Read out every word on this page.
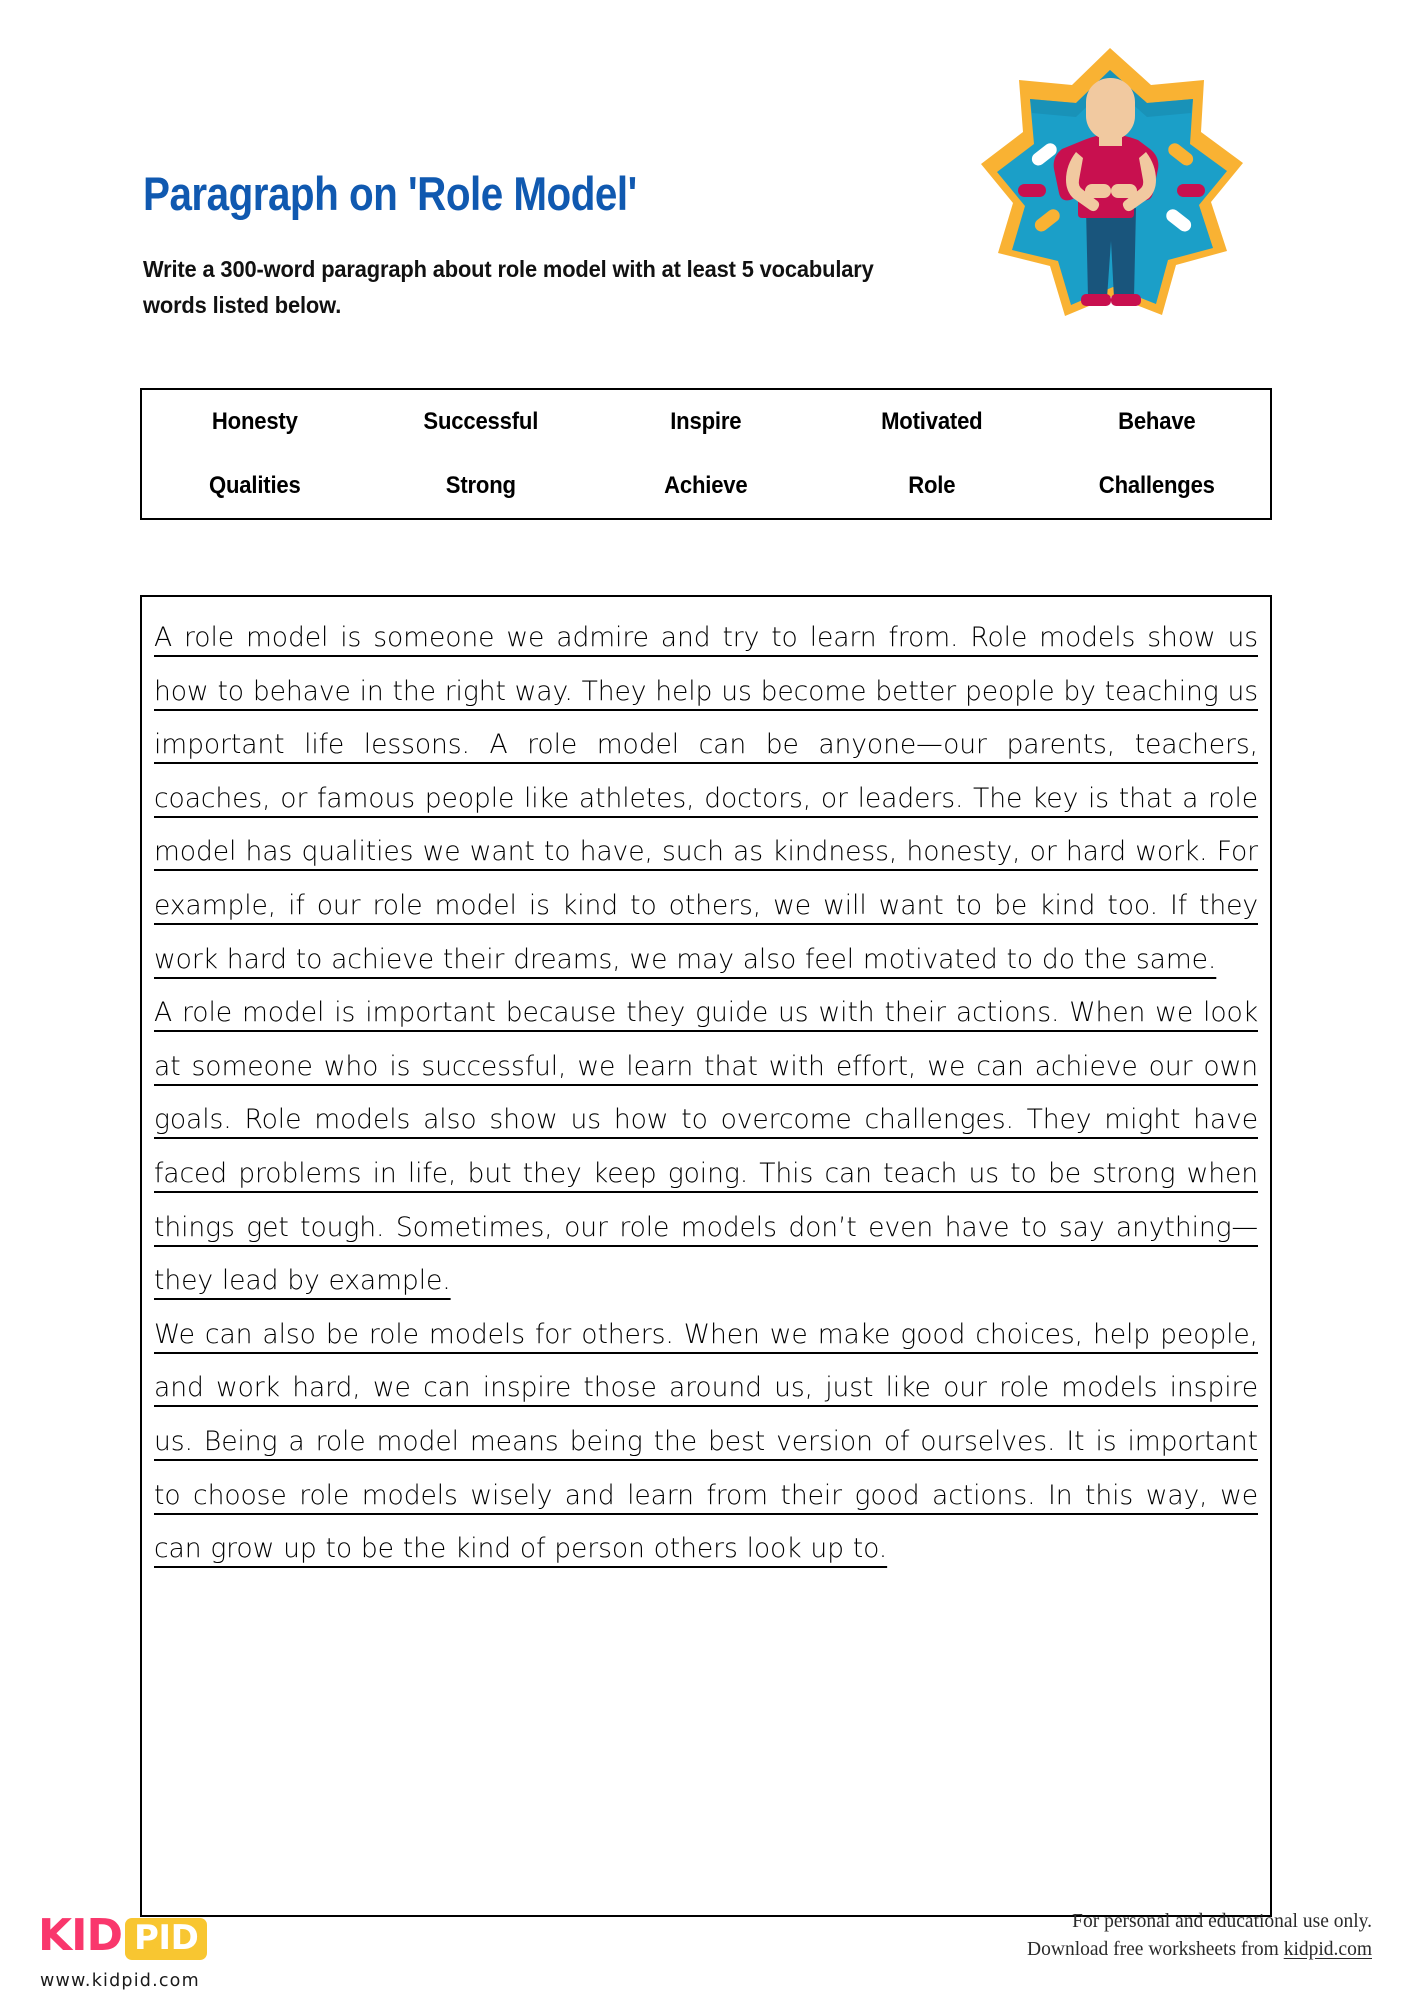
Paragraph on 'Role Model'
Write a 300-word paragraph about role model with at least 5 vocabulary words listed below.
Honesty	Successful	Inspire	Motivated	Behave
Qualities	Strong	Achieve	Role	Challenges

A role model is someone we admire and try to learn from. Role models show us how to behave in the right way. They help us become better people by teaching us important life lessons. A role model can be anyone—our parents, teachers, coaches, or famous people like athletes, doctors, or leaders. The key is that a role model has qualities we want to have, such as kindness, honesty, or hard work. For example, if our role model is kind to others, we will want to be kind too. If they work hard to achieve their dreams, we may also feel motivated to do the same.

A role model is important because they guide us with their actions. When we look at someone who is successful, we learn that with effort, we can achieve our own goals. Role models also show us how to overcome challenges. They might have faced problems in life, but they keep going. This can teach us to be strong when things get tough. Sometimes, our role models don’t even have to say anything—they lead by example.

We can also be role models for others. When we make good choices, help people, and work hard, we can inspire those around us, just like our role models inspire us. Being a role model means being the best version of ourselves. It is important to choose role models wisely and learn from their good actions. In this way, we can grow up to be the kind of person others look up to.

KID PID
www.kidpid.com
For personal and educational use only.
Download free worksheets from kidpid.com
